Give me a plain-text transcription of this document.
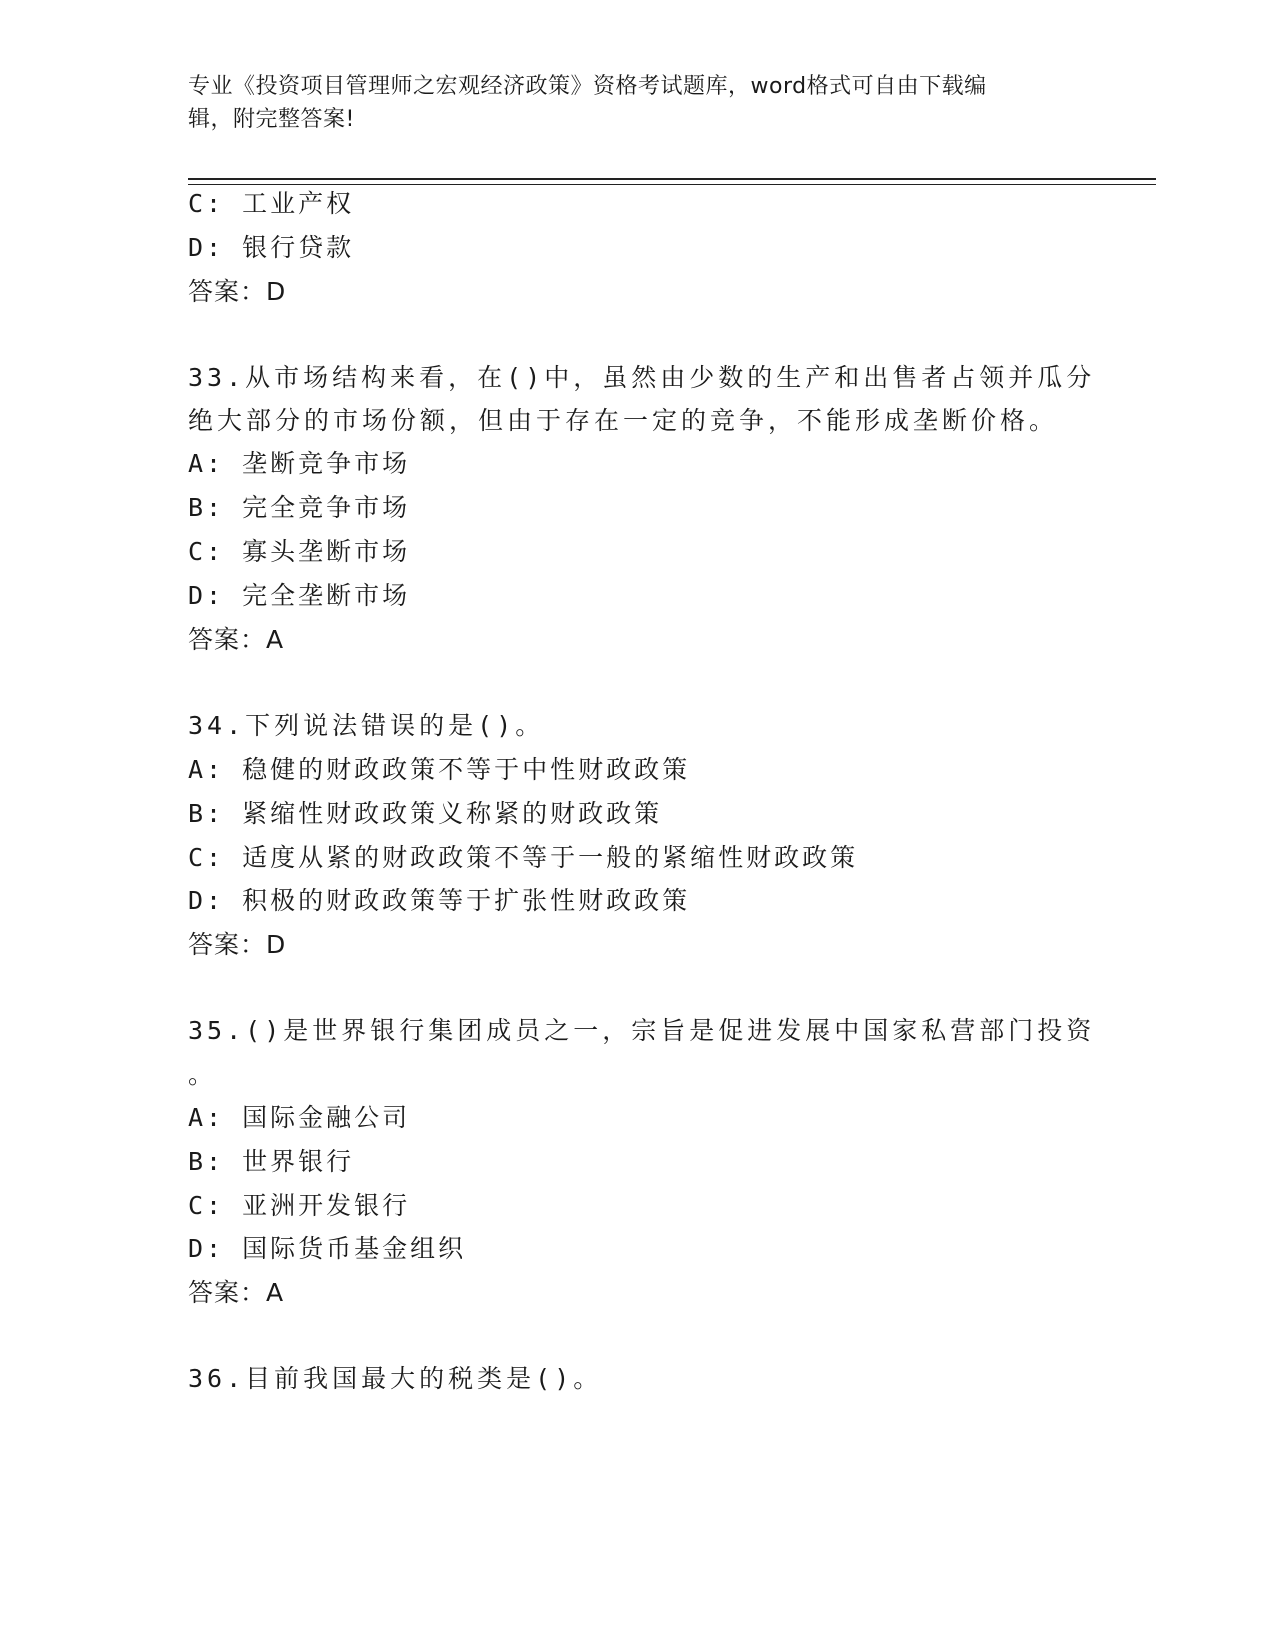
专业《投资项目管理师之宏观经济政策》资格考试题库，word格式可自由下载编
辑，附完整答案!
C: 工业产权
D: 银行贷款
答案：D
33.从市场结构来看，在()中，虽然由少数的生产和出售者占领并瓜分
绝大部分的市场份额，但由于存在一定的竞争，不能形成垄断价格。
A: 垄断竞争市场
B: 完全竞争市场
C: 寡头垄断市场
D: 完全垄断市场
答案：A
34.下列说法错误的是()。
A: 稳健的财政政策不等于中性财政政策
B: 紧缩性财政政策义称紧的财政政策
C: 适度从紧的财政政策不等于一般的紧缩性财政政策
D: 积极的财政政策等于扩张性财政政策
答案：D
35.()是世界银行集团成员之一，宗旨是促进发展中国家私营部门投资
。
A: 国际金融公司
B: 世界银行
C: 亚洲开发银行
D: 国际货币基金组织
答案：A
36.目前我国最大的税类是()。
